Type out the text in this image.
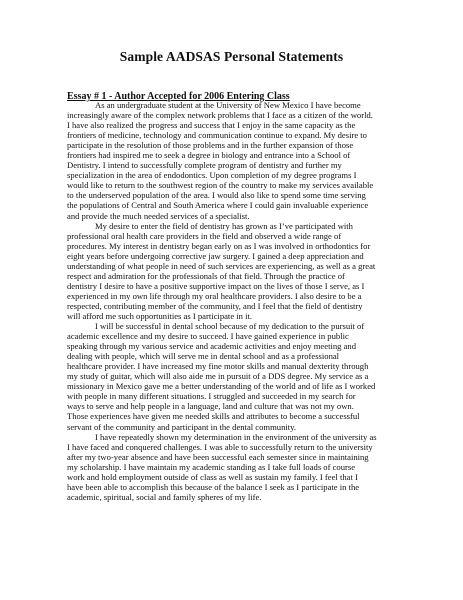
Sample AADSAS Personal Statements
Essay # 1 - Author Accepted for 2006 Entering Class
As an undergraduate student at the University of New Mexico I have become
increasingly aware of the complex network problems that I face as a citizen of the world.
I have also realized the progress and success that I enjoy in the same capacity as the
frontiers of medicine, technology and communication continue to expand. My desire to
participate in the resolution of those problems and in the further expansion of those
frontiers had inspired me to seek a degree in biology and entrance into a School of
Dentistry. I intend to successfully complete program of dentistry and further my
specialization in the area of endodontics. Upon completion of my degree programs I
would like to return to the southwest region of the country to make my services available
to the underserved population of the area. I would also like to spend some time serving
the populations of Central and South America where I could gain invaluable experience
and provide the much needed services of a specialist.
My desire to enter the field of dentistry has grown as I’ve participated with
professional oral health care providers in the field and observed a wide range of
procedures. My interest in dentistry began early on as I was involved in orthodontics for
eight years before undergoing corrective jaw surgery. I gained a deep appreciation and
understanding of what people in need of such services are experiencing, as well as a great
respect and admiration for the professionals of that field. Through the practice of
dentistry I desire to have a positive supportive impact on the lives of those I serve, as I
experienced in my own life through my oral healthcare providers. I also desire to be a
respected, contributing member of the community, and I feel that the field of dentistry
will afford me such opportunities as I participate in it.
I will be successful in dental school because of my dedication to the pursuit of
academic excellence and my desire to succeed. I have gained experience in public
speaking through my various service and academic activities and enjoy meeting and
dealing with people, which will serve me in dental school and as a professional
healthcare provider. I have increased my fine motor skills and manual dexterity through
my study of guitar, which will also aide me in pursuit of a DDS degree. My service as a
missionary in Mexico gave me a better understanding of the world and of life as I worked
with people in many different situations. I struggled and succeeded in my search for
ways to serve and help people in a language, land and culture that was not my own.
Those experiences have given me needed skills and attributes to become a successful
servant of the community and participant in the dental community.
I have repeatedly shown my determination in the environment of the university as
I have faced and conquered challenges. I was able to successfully return to the university
after my two-year absence and have been successful each semester since in maintaining
my scholarship. I have maintain my academic standing as I take full loads of course
work and hold employment outside of class as well as sustain my family. I feel that I
have been able to accomplish this because of the balance I seek as I participate in the
academic, spiritual, social and family spheres of my life.
